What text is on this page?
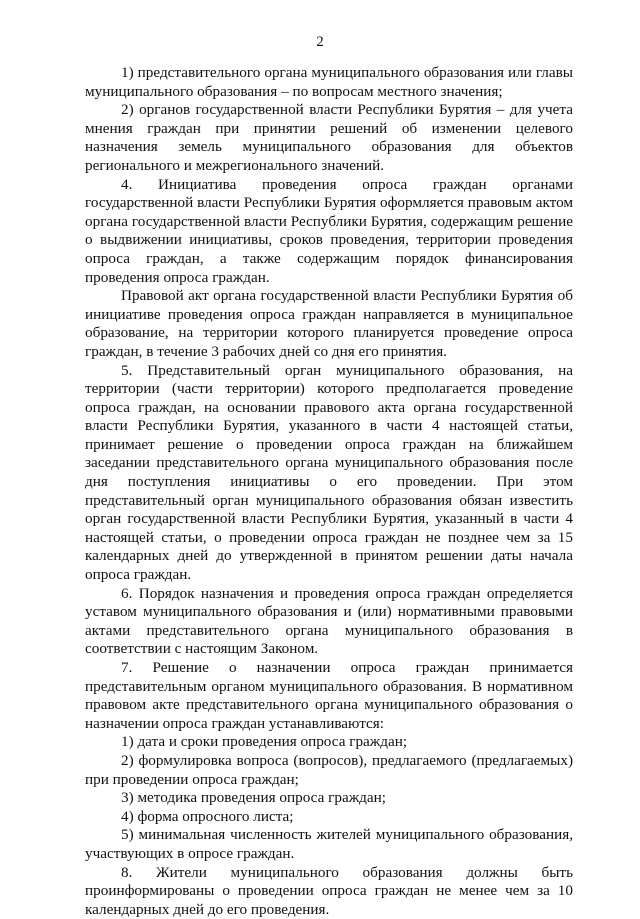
2

1) представительного органа муниципального образования или главы муниципального образования – по вопросам местного значения;

2) органов государственной власти Республики Бурятия – для учета мнения граждан при принятии решений об изменении целевого назначения земель муниципального образования для объектов регионального и межрегионального значений.

4. Инициатива проведения опроса граждан органами государственной власти Республики Бурятия оформляется правовым актом органа государственной власти Республики Бурятия, содержащим решение о выдвижении инициативы, сроков проведения, территории проведения опроса граждан, а также содержащим порядок финансирования проведения опроса граждан.

Правовой акт органа государственной власти Республики Бурятия об инициативе проведения опроса граждан направляется в муниципальное образование, на территории которого планируется проведение опроса граждан, в течение 3 рабочих дней со дня его принятия.

5. Представительный орган муниципального образования, на территории (части территории) которого предполагается проведение опроса граждан, на основании правового акта органа государственной власти Республики Бурятия, указанного в части 4 настоящей статьи, принимает решение о проведении опроса граждан на ближайшем заседании представительного органа муниципального образования после дня поступления инициативы о его проведении. При этом представительный орган муниципального образования обязан известить орган государственной власти Республики Бурятия, указанный в части 4 настоящей статьи, о проведении опроса граждан не позднее чем за 15 календарных дней до утвержденной в принятом решении даты начала опроса граждан.

6. Порядок назначения и проведения опроса граждан определяется уставом муниципального образования и (или) нормативными правовыми актами представительного органа муниципального образования в соответствии с настоящим Законом.

7. Решение о назначении опроса граждан принимается представительным органом муниципального образования. В нормативном правовом акте представительного органа муниципального образования о назначении опроса граждан устанавливаются:

1) дата и сроки проведения опроса граждан;

2) формулировка вопроса (вопросов), предлагаемого (предлагаемых) при проведении опроса граждан;

3) методика проведения опроса граждан;

4) форма опросного листа;

5) минимальная численность жителей муниципального образования, участвующих в опросе граждан.

8. Жители муниципального образования должны быть проинформированы о проведении опроса граждан не менее чем за 10 календарных дней до его проведения.
